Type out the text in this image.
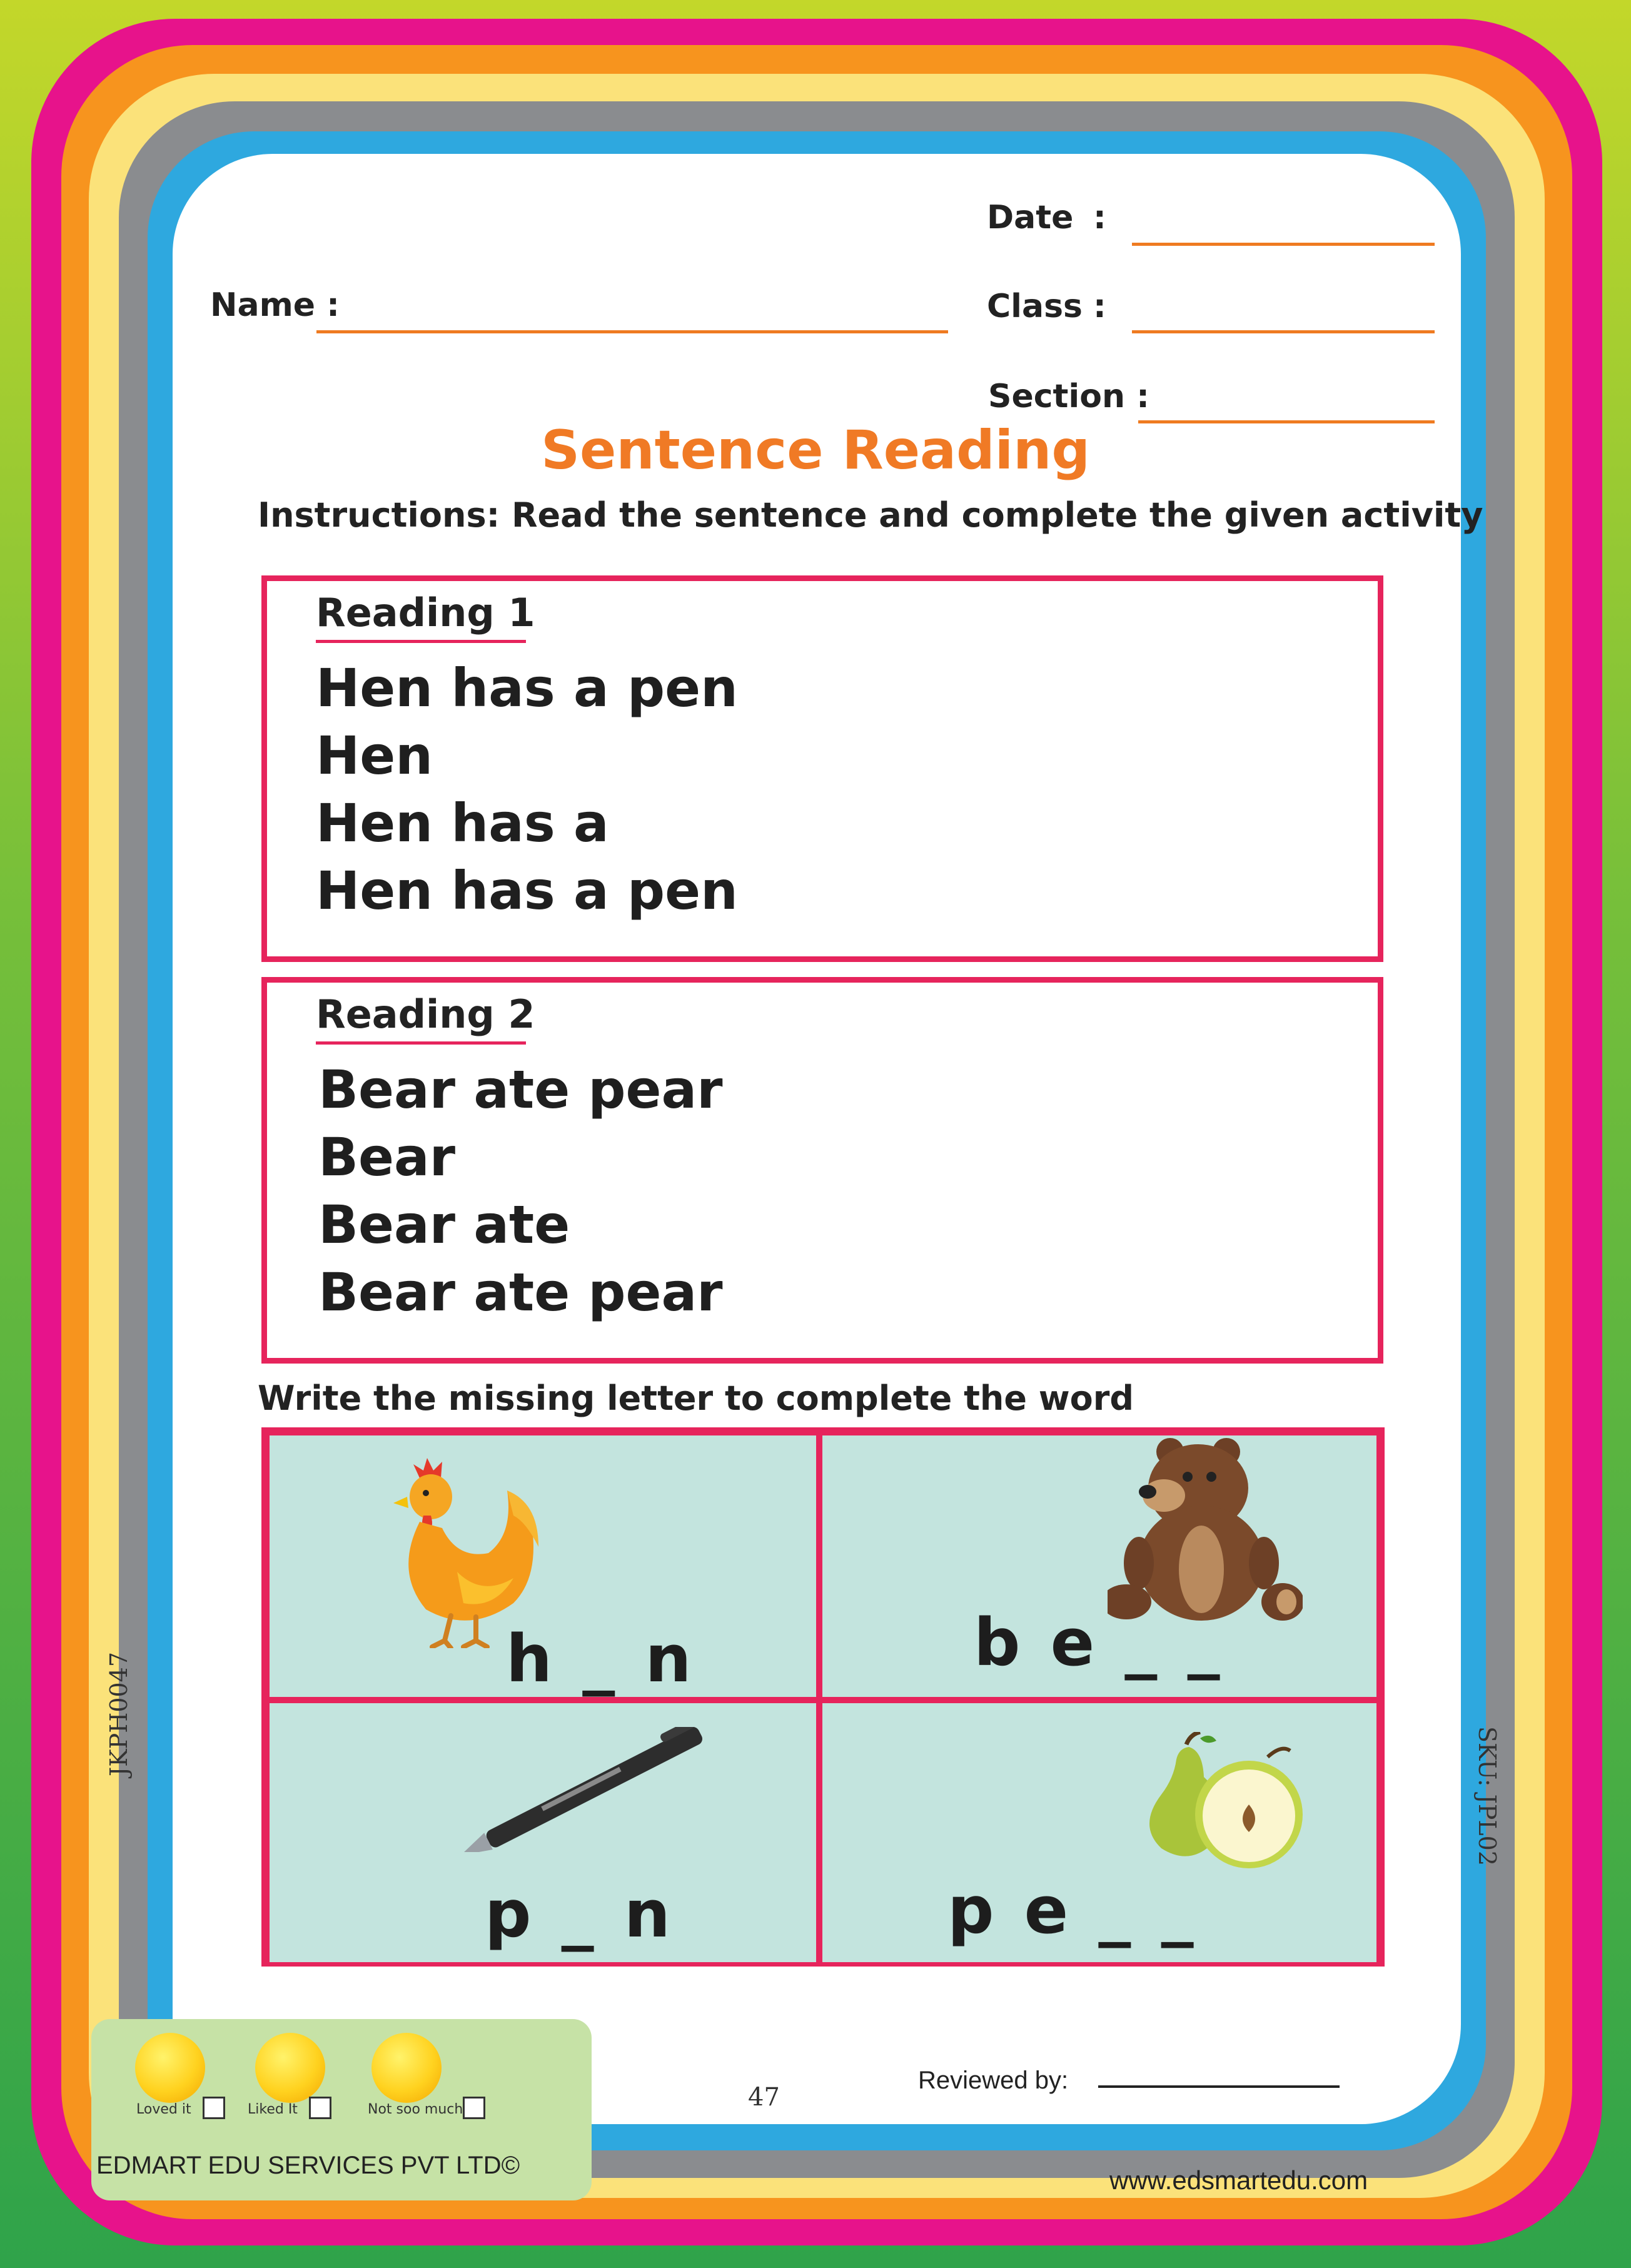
Date :
Name :	Class :
Section :
Sentence Reading
Instructions: Read the sentence and complete the given activity
Reading 1
Hen has a pen
Hen
Hen has a
Hen has a pen
Reading 2
Bear ate pear
Bear
Bear ate
Bear ate pear
Write the missing letter to complete the word
h _ n	b e _ _
p _ n	p e _ _
JKPH0047
SKU: JPL02
Loved it	Liked It	Not soo much
EDMART EDU SERVICES PVT LTD©
47
Reviewed by:
www.edsmartedu.com
